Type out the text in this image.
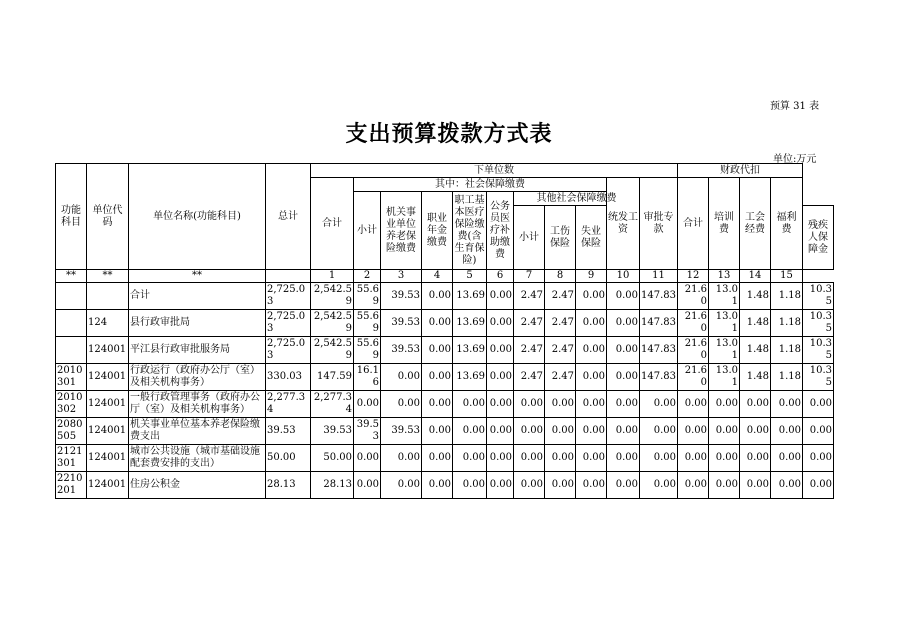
预算 31 表
支出预算拨款方式表
单位:万元
功能科目	单位代码	单位名称(功能科目)	总计	下单位数											财政代扣					
				合计	其中：社会保障缴费								统发工资	审批专款	合计	培训费	工会经费	福利费		
					小计	机关事业单位养老保险缴费	职业年金缴费	职工基本医疗保险缴费(含生育保险)	公务员医疗补助缴费	其他社会保障缴费										
										小计	工伤保险	失业保险							残疾人保障金	
**	**	**		1	2	3	4	5	6	7	8	9	10	11	12	13	14	15		
		合计	2,725.03	2,542.59	55.69	39.53	0.00	13.69	0.00	2.47	2.47	0.00	0.00	147.83	21.60	13.01	1.48	1.18	10.35	
	124	县行政审批局	2,725.03	2,542.59	55.69	39.53	0.00	13.69	0.00	2.47	2.47	0.00	0.00	147.83	21.60	13.01	1.48	1.18	10.35	
	124001	平江县行政审批服务局	2,725.03	2,542.59	55.69	39.53	0.00	13.69	0.00	2.47	2.47	0.00	0.00	147.83	21.60	13.01	1.48	1.18	10.35	
2010301	124001	行政运行（政府办公厅（室）及相关机构事务）	330.03	147.59	16.16	0.00	0.00	13.69	0.00	2.47	2.47	0.00	0.00	147.83	21.60	13.01	1.48	1.18	10.35	
2010302	124001	一般行政管理事务（政府办公厅（室）及相关机构事务）	2,277.34	2,277.34	0.00	0.00	0.00	0.00	0.00	0.00	0.00	0.00	0.00	0.00	0.00	0.00	0.00	0.00	0.00	
2080505	124001	机关事业单位基本养老保险缴费支出	39.53	39.53	39.53	39.53	0.00	0.00	0.00	0.00	0.00	0.00	0.00	0.00	0.00	0.00	0.00	0.00	0.00	
2121301	124001	城市公共设施（城市基础设施配套费安排的支出）	50.00	50.00	0.00	0.00	0.00	0.00	0.00	0.00	0.00	0.00	0.00	0.00	0.00	0.00	0.00	0.00	0.00	
2210201	124001	住房公积金	28.13	28.13	0.00	0.00	0.00	0.00	0.00	0.00	0.00	0.00	0.00	0.00	0.00	0.00	0.00	0.00	0.00	
